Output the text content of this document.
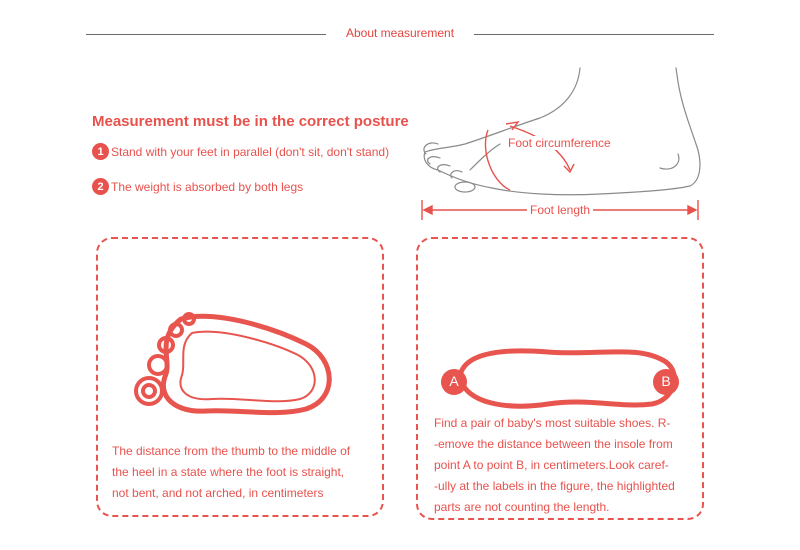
About measurement
Measurement must be in the correct posture
1 Stand with your feet in parallel (don't sit, don't stand)
2 The weight is absorbed by both legs
Foot circumference
Foot length
The distance from the thumb to the middle of
the heel in a state where the foot is straight,
not bent, and not arched, in centimeters
A	B
Find a pair of baby's most suitable shoes. R-
-emove the distance between the insole from
point A to point B, in centimeters.Look caref-
-ully at the labels in the figure, the highlighted
parts are not counting the length.
